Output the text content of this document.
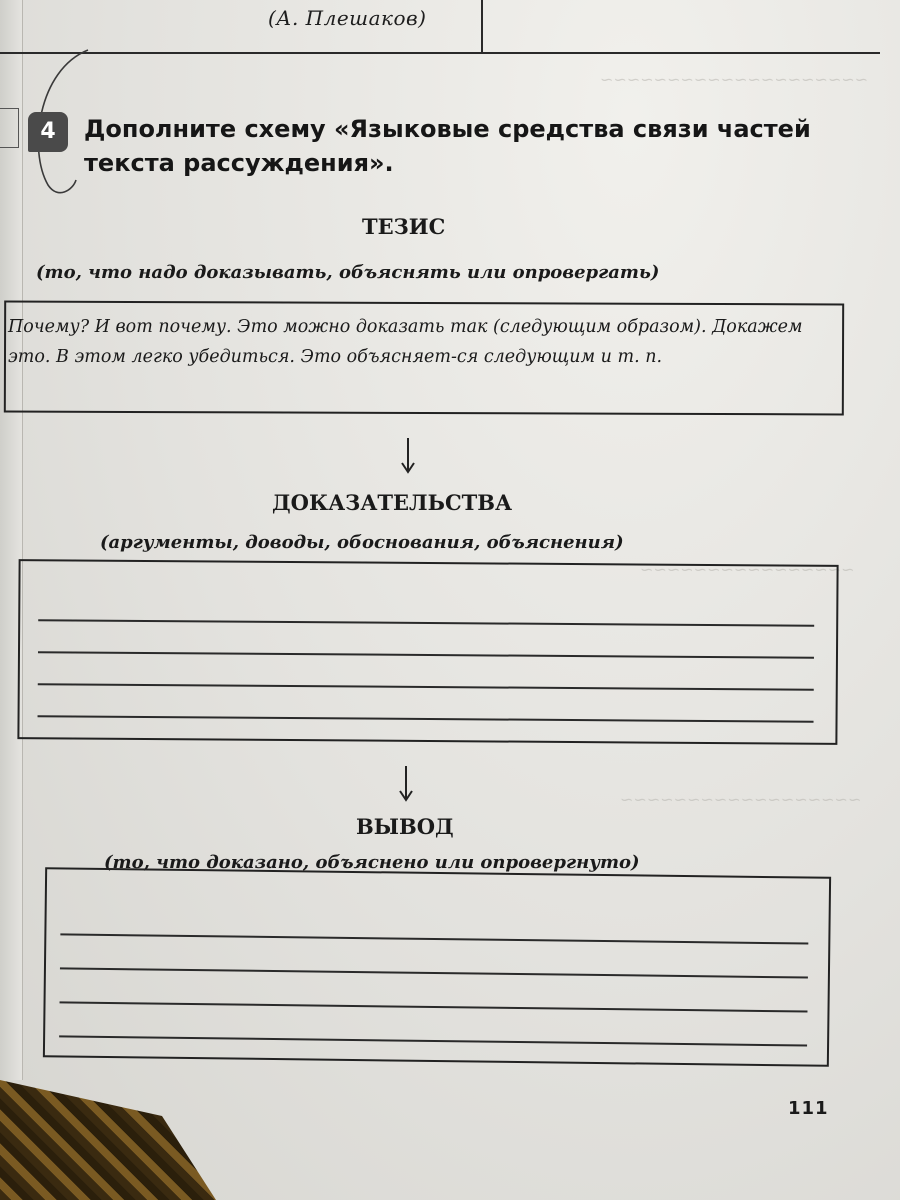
~~~~~~~~~~~~~~~~~~~~
~~~~~~~~~~~~~~~~
~~~~~~~~~~~~~~~~~~
(А. Плешаков)
4	Дополните схему «Языковые средства связи частей текста рассуждения».
ТЕЗИС
(то, что надо доказывать, объяснять или опровергать)
Почему? И вот почему. Это можно доказать так (следующим образом). Докажем это. В этом легко убедиться. Это объясняет-ся следующим и т. п.
ДОКАЗАТЕЛЬСТВА
(аргументы, доводы, обоснования, объяснения)
ВЫВОД
(то, что доказано, объяснено или опровергнуто)
111
